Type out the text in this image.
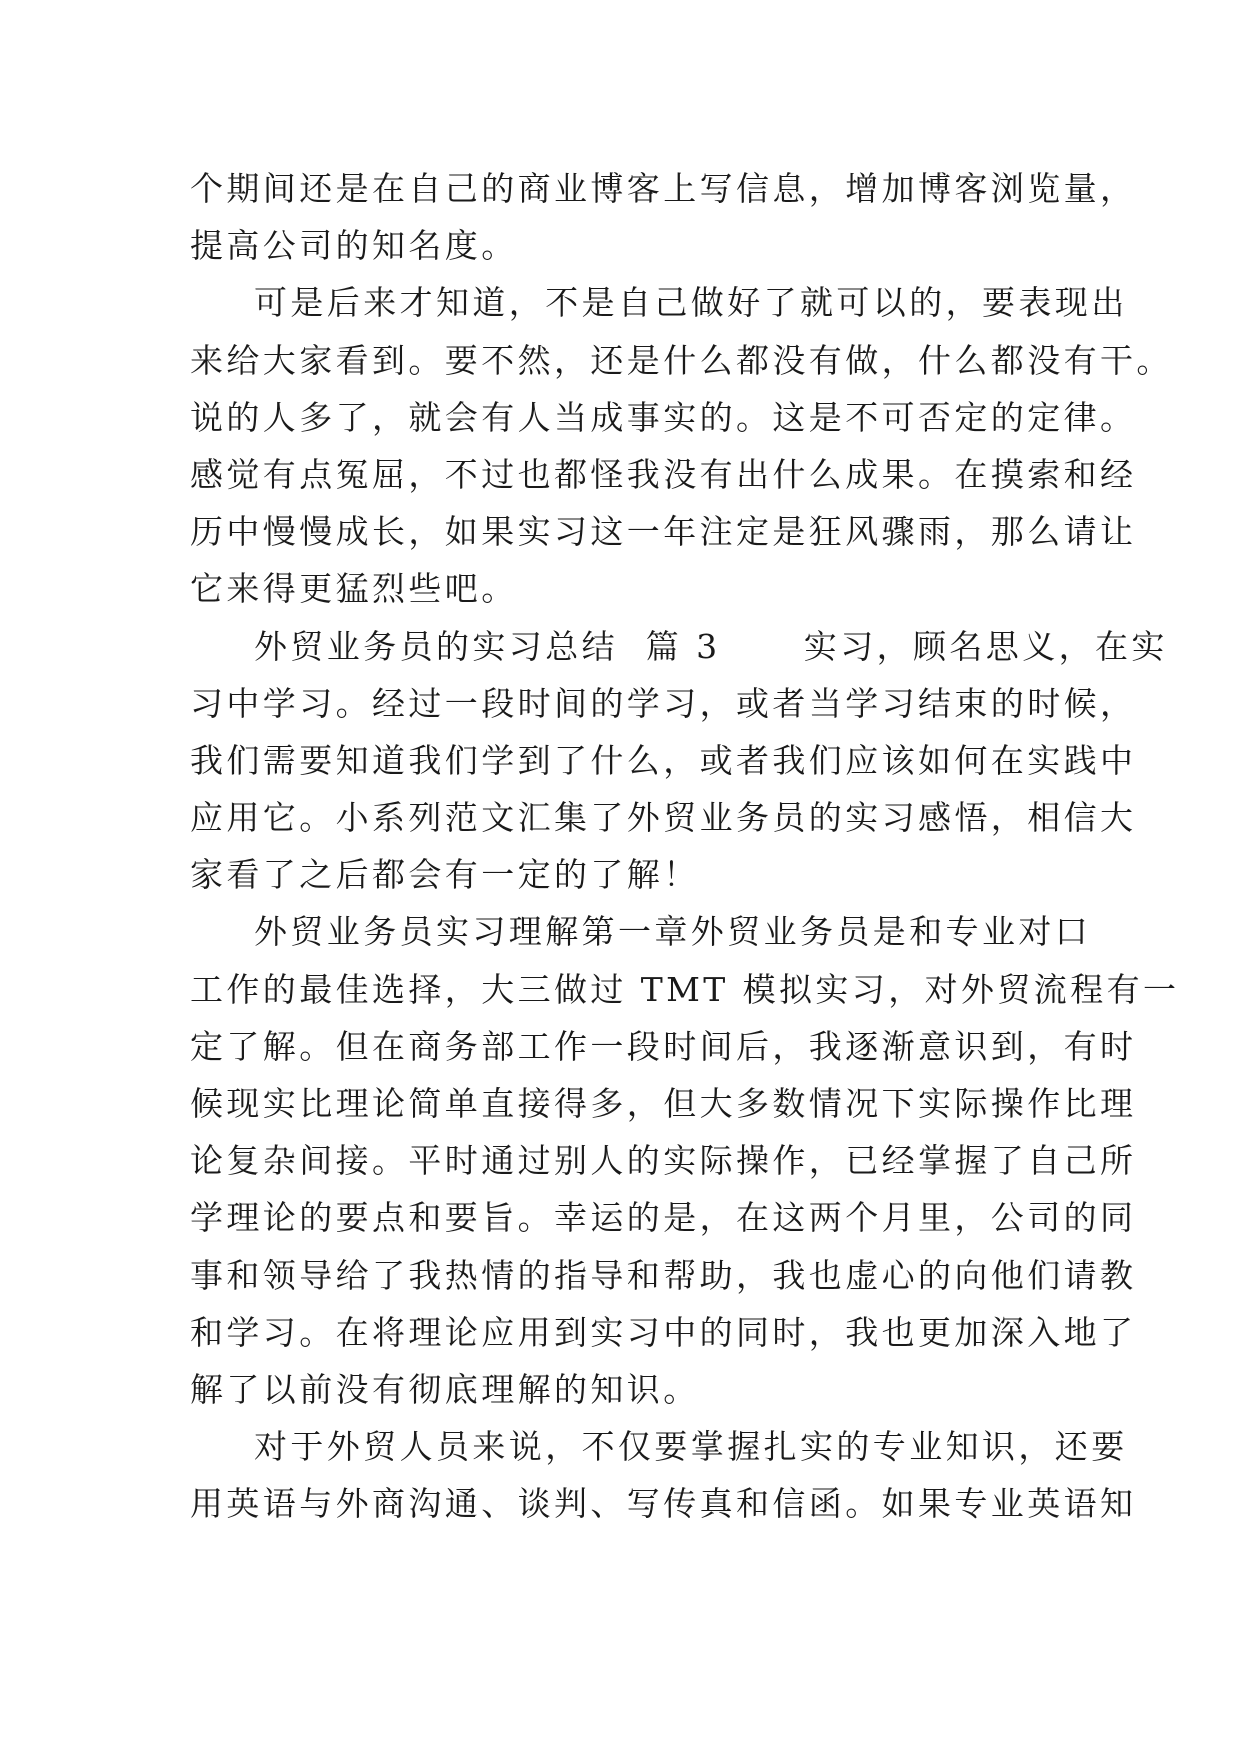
个期间还是在自己的商业博客上写信息，增加博客浏览量，
提高公司的知名度。
可是后来才知道，不是自己做好了就可以的，要表现出
来给大家看到。要不然，还是什么都没有做，什么都没有干。
说的人多了，就会有人当成事实的。这是不可否定的定律。
感觉有点冤屈，不过也都怪我没有出什么成果。在摸索和经
历中慢慢成长，如果实习这一年注定是狂风骤雨，那么请让
它来得更猛烈些吧。
外贸业务员的实习总结  篇 3      实习，顾名思义，在实
习中学习。经过一段时间的学习，或者当学习结束的时候，
我们需要知道我们学到了什么，或者我们应该如何在实践中
应用它。小系列范文汇集了外贸业务员的实习感悟，相信大
家看了之后都会有一定的了解！
外贸业务员实习理解第一章外贸业务员是和专业对口
工作的最佳选择，大三做过 TMT 模拟实习，对外贸流程有一
定了解。但在商务部工作一段时间后，我逐渐意识到，有时
候现实比理论简单直接得多，但大多数情况下实际操作比理
论复杂间接。平时通过别人的实际操作，已经掌握了自己所
学理论的要点和要旨。幸运的是，在这两个月里，公司的同
事和领导给了我热情的指导和帮助，我也虚心的向他们请教
和学习。在将理论应用到实习中的同时，我也更加深入地了
解了以前没有彻底理解的知识。
对于外贸人员来说，不仅要掌握扎实的专业知识，还要
用英语与外商沟通、谈判、写传真和信函。如果专业英语知
